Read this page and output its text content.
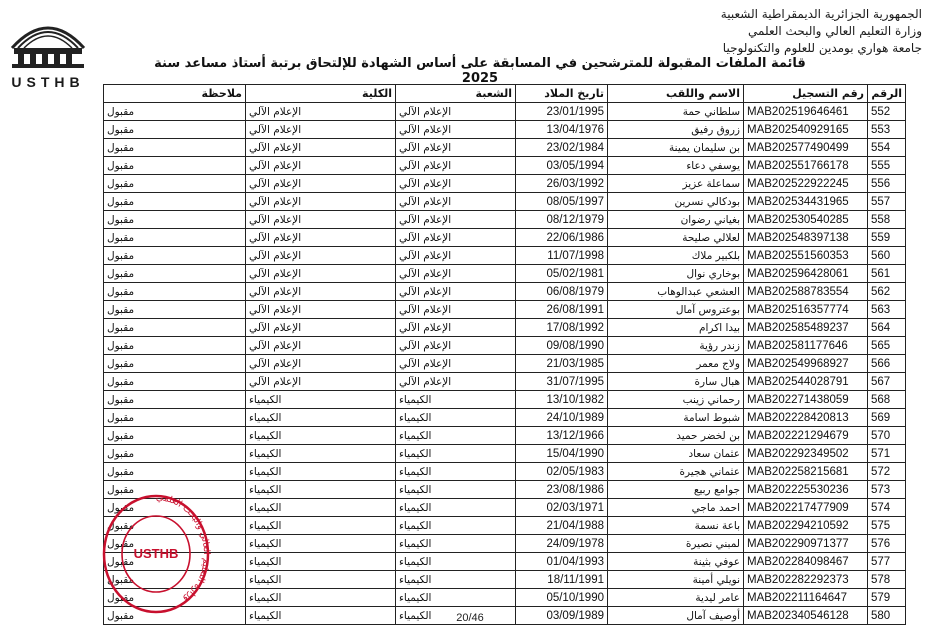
USTHB
الجمهورية الجزائرية الديمقراطية الشعبية
وزارة التعليم العالي والبحث العلمي
جامعة هواري بومدين للعلوم والتكنولوجيا
قائمة الملفات المقبولة للمترشحين في المسابقة على أساس الشهادة للإلتحاق برتبة أستاذ مساعد سنة 2025
الرقم	رقم التسجيل	الاسم واللقب	تاريخ الملاد	الشعبة	الكلية	ملاحظة
552	MAB202519646461	سلطاني حمة	23/01/1995	الإعلام الآلي	الإعلام الآلي	مقبول
553	MAB202540929165	زروق رفيق	13/04/1976	الإعلام الآلي	الإعلام الآلي	مقبول
554	MAB202577490499	بن سليمان يمينة	23/02/1984	الإعلام الآلي	الإعلام الآلي	مقبول
555	MAB202551766178	يوسفي دعاء	03/05/1994	الإعلام الآلي	الإعلام الآلي	مقبول
556	MAB202522922245	سماعلة عزيز	26/03/1992	الإعلام الآلي	الإعلام الآلي	مقبول
557	MAB202534431965	بودكالي نسرين	08/05/1997	الإعلام الآلي	الإعلام الآلي	مقبول
558	MAB202530540285	بغياني رضوان	08/12/1979	الإعلام الآلي	الإعلام الآلي	مقبول
559	MAB202548397138	لعلالي صليحة	22/06/1986	الإعلام الآلي	الإعلام الآلي	مقبول
560	MAB202551560353	بلكبير ملاك	11/07/1998	الإعلام الآلي	الإعلام الآلي	مقبول
561	MAB202596428061	بوخاري نوال	05/02/1981	الإعلام الآلي	الإعلام الآلي	مقبول
562	MAB202588783554	العشعي عبدالوهاب	06/08/1979	الإعلام الآلي	الإعلام الآلي	مقبول
563	MAB202516357774	بوعتروس آمال	26/08/1991	الإعلام الآلي	الإعلام الآلي	مقبول
564	MAB202585489237	بيدا اكرام	17/08/1992	الإعلام الآلي	الإعلام الآلي	مقبول
565	MAB202581177646	زندر رؤية	09/08/1990	الإعلام الآلي	الإعلام الآلي	مقبول
566	MAB202549968927	ولاج معمر	21/03/1985	الإعلام الآلي	الإعلام الآلي	مقبول
567	MAB202544028791	هبال سارة	31/07/1995	الإعلام الآلي	الإعلام الآلي	مقبول
568	MAB202271438059	رحماني زينب	13/10/1982	الكيمياء	الكيمياء	مقبول
569	MAB202228420813	شبوط اسامة	24/10/1989	الكيمياء	الكيمياء	مقبول
570	MAB202221294679	بن لخضر حميد	13/12/1966	الكيمياء	الكيمياء	مقبول
571	MAB202292349502	عثمان سعاد	15/04/1990	الكيمياء	الكيمياء	مقبول
572	MAB202258215681	عثماني هجيرة	02/05/1983	الكيمياء	الكيمياء	مقبول
573	MAB202225530236	جوامع ربيع	23/08/1986	الكيمياء	الكيمياء	مقبول
574	MAB202217477909	احمد ماجي	02/03/1971	الكيمياء	الكيمياء	مقبول
575	MAB202294210592	باعة نسمة	21/04/1988	الكيمياء	الكيمياء	مقبول
576	MAB202290971377	لمبني نصيرة	24/09/1978	الكيمياء	الكيمياء	مقبول
577	MAB202284098467	عوفي بثينة	01/04/1993	الكيمياء	الكيمياء	مقبول
578	MAB202282292373	نويلي أمينة	18/11/1991	الكيمياء	الكيمياء	مقبول
579	MAB202211164647	عامر ليدية	05/10/1990	الكيمياء	الكيمياء	مقبول
580	MAB202340546128	أوصيف آمال	03/09/1989	الكيمياء	الكيمياء	مقبول
وزارة التعليم العالي والبحث العلمي
USTHB
20/46
